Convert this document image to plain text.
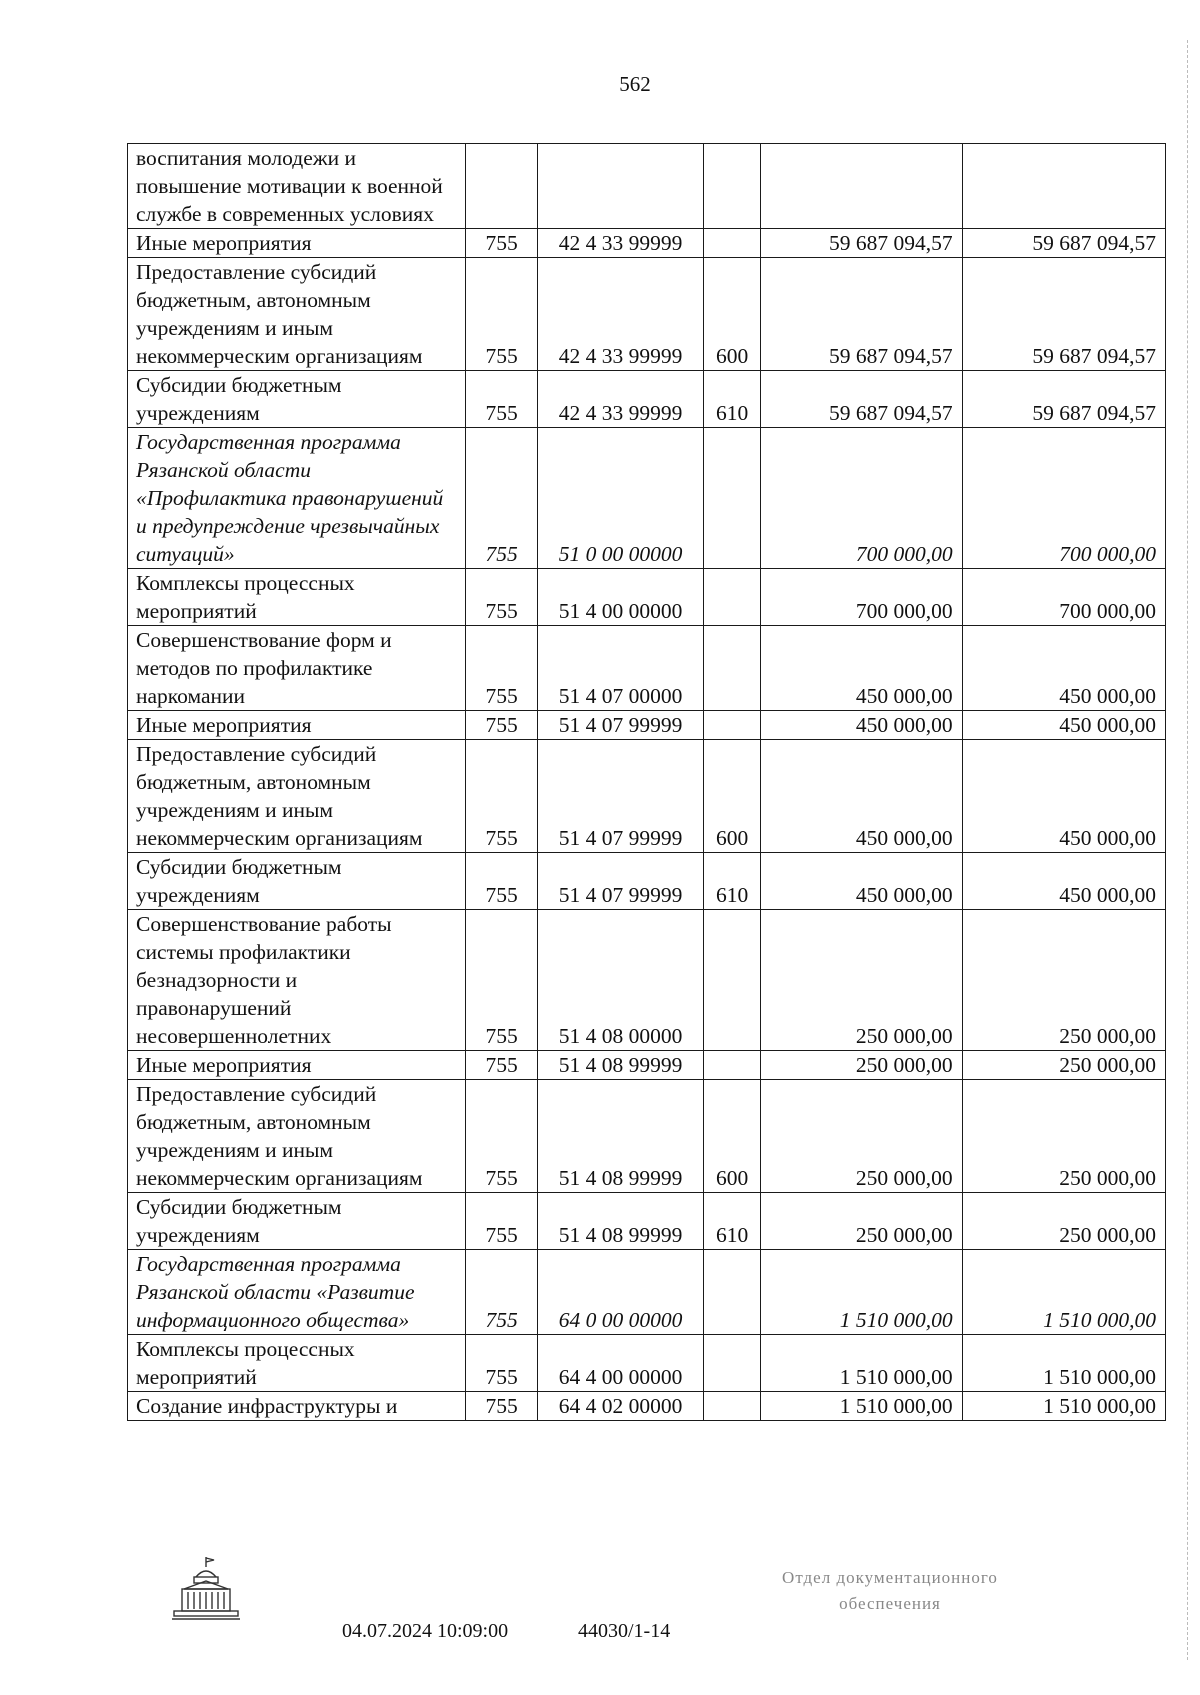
562
воспитания молодежи и повышение мотивации к военной службе в современных условиях					
Иные мероприятия	755	42 4 33 99999		59 687 094,57	59 687 094,57
Предоставление субсидий бюджетным, автономным учреждениям и иным некоммерческим организациям	755	42 4 33 99999	600	59 687 094,57	59 687 094,57
Субсидии бюджетным учреждениям	755	42 4 33 99999	610	59 687 094,57	59 687 094,57
Государственная программа Рязанской области «Профилактика правонарушений и предупреждение чрезвычайных ситуаций»	755	51 0 00 00000		700 000,00	700 000,00
Комплексы процессных мероприятий	755	51 4 00 00000		700 000,00	700 000,00
Совершенствование форм и методов по профилактике наркомании	755	51 4 07 00000		450 000,00	450 000,00
Иные мероприятия	755	51 4 07 99999		450 000,00	450 000,00
Предоставление субсидий бюджетным, автономным учреждениям и иным некоммерческим организациям	755	51 4 07 99999	600	450 000,00	450 000,00
Субсидии бюджетным учреждениям	755	51 4 07 99999	610	450 000,00	450 000,00
Совершенствование работы системы профилактики безнадзорности и правонарушений несовершеннолетних	755	51 4 08 00000		250 000,00	250 000,00
Иные мероприятия	755	51 4 08 99999		250 000,00	250 000,00
Предоставление субсидий бюджетным, автономным учреждениям и иным некоммерческим организациям	755	51 4 08 99999	600	250 000,00	250 000,00
Субсидии бюджетным учреждениям	755	51 4 08 99999	610	250 000,00	250 000,00
Государственная программа Рязанской области «Развитие информационного общества»	755	64 0 00 00000		1 510 000,00	1 510 000,00
Комплексы процессных мероприятий	755	64 4 00 00000		1 510 000,00	1 510 000,00
Создание инфраструктуры и	755	64 4 02 00000		1 510 000,00	1 510 000,00
04.07.2024 10:09:00	44030/1-14
Отдел документационного
обеспечения
